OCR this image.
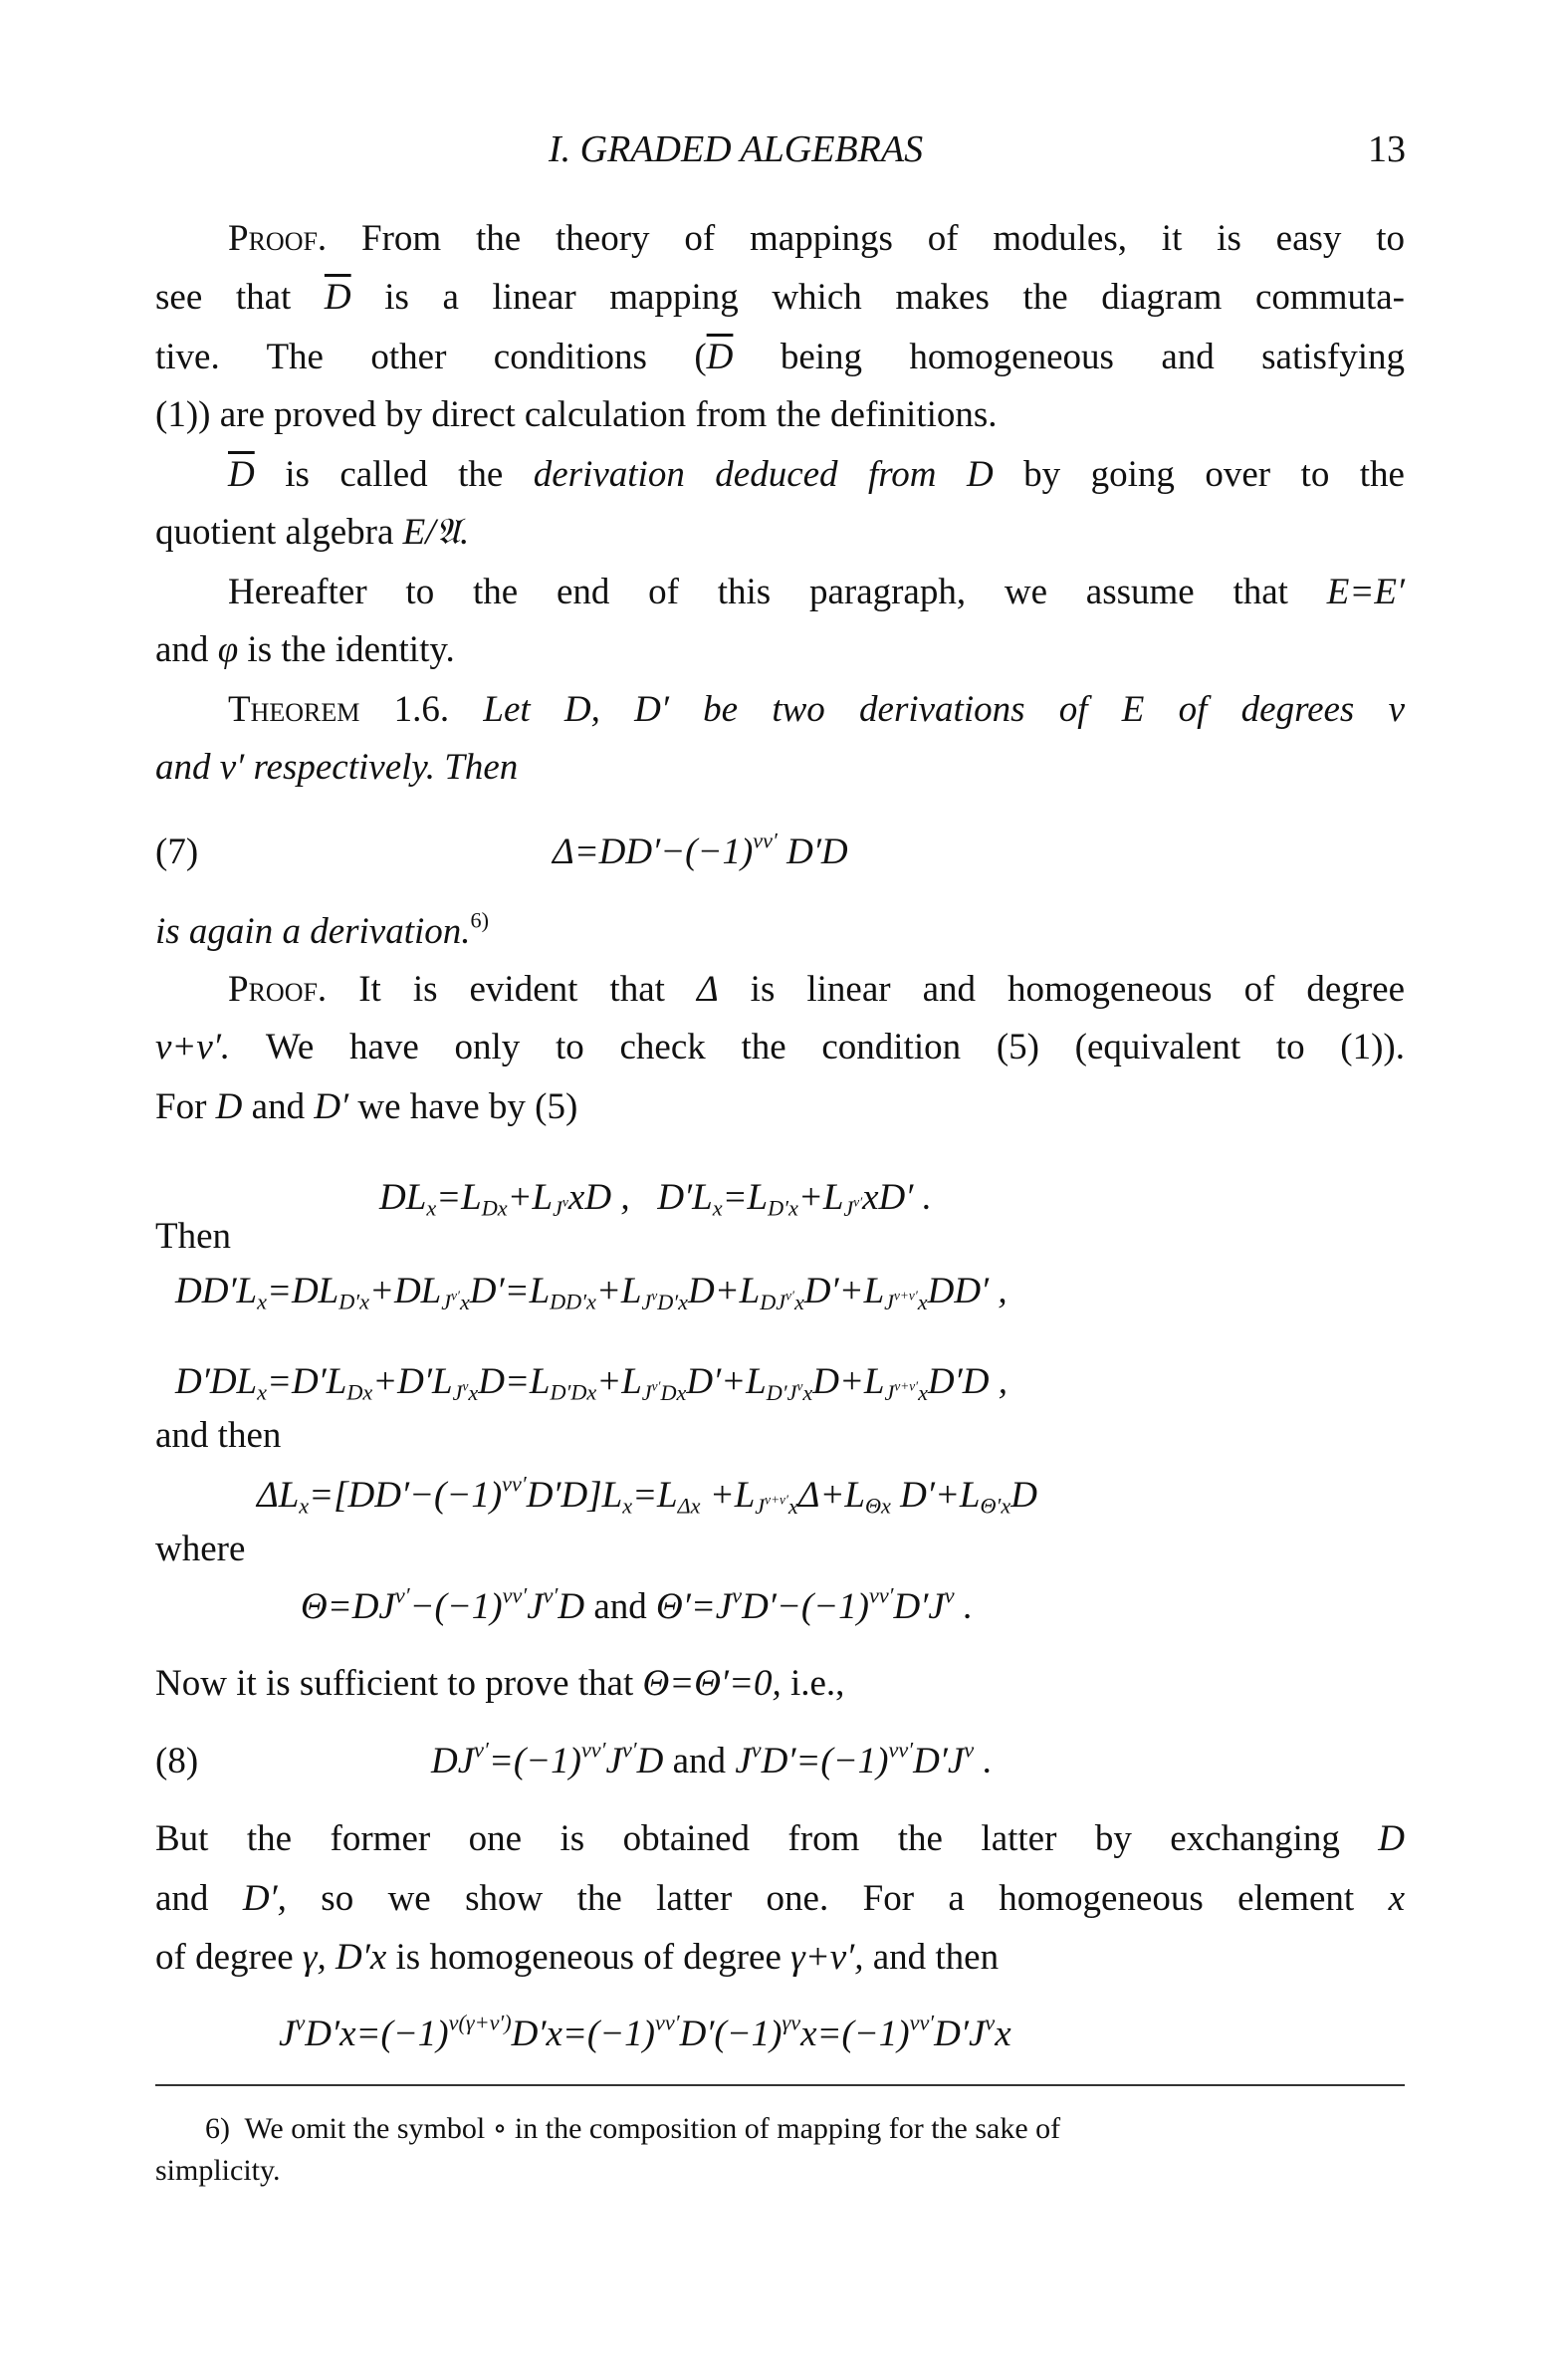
I. GRADED ALGEBRAS	13
Proof. From the theory of mappings of modules, it is easy to
see that $\overline{D}$ is a linear mapping which makes the diagram commuta-
tive. The other conditions ($\overline{D}$ being homogeneous and satisfying
(1)) are proved by direct calculation from the definitions.
$\overline{D}$ is called the derivation deduced from D by going over to the
quotient algebra E/𝔄.
Hereafter to the end of this paragraph, we assume that E=E′
and φ is the identity.
Theorem 1.6. Let D, D′ be two derivations of E of degrees ν
and ν′ respectively. Then
(7)	$\Delta=DD'-(-1)^{\nu\nu'}$ D′D
is again a derivation.$^{6)}$
Proof. It is evident that Δ is linear and homogeneous of degree
ν+ν′. We have only to check the condition (5) (equivalent to (1)).
For D and D′ we have by (5)
$DL_x=L_{Dx}+L_{J^\nu}xD$ , $D'L_x=L_{D'x}+L_{J^{\nu'}}xD'$ .
Then
$DD'L_x=DL_{D'x}+DL_{J^{\nu'}x}D'=L_{DD'x}+L_{J^\nu D'x}D+L_{DJ^{\nu'}x}D'+L_{J^{\nu+\nu'}x}DD'$ ,
$D'DL_x=D'L_{Dx}+D'L_{J^\nu x}D=L_{D'Dx}+L_{J^{\nu'}Dx}D'+L_{D'J^\nu x}D+L_{J^{\nu+\nu'}x}D'D$ ,
and then
$\Delta L_x=[DD'-(-1)^{\nu\nu'}D'D]L_x=L_{\Delta x} +L_{J^{\nu+\nu'}x}\Delta+L_{\Theta x}$ $D'+L_{\Theta'x}D$
where
$\Theta=DJ^{\nu'}-(-1)^{\nu\nu'}J^{\nu'}D$ and $\Theta'=J^\nu D'-(-1)^{\nu\nu'}D'J^\nu$ .
Now it is sufficient to prove that Θ=Θ′=0, i.e.,
(8)	$DJ^{\nu'}=(-1)^{\nu\nu'}J^{\nu'}D$ and $J^\nu D'=(-1)^{\nu\nu'}D'J^\nu$ .
But the former one is obtained from the latter by exchanging D
and D′, so we show the latter one. For a homogeneous element x
of degree γ, D′x is homogeneous of degree γ+ν′, and then
$J^\nu D'x=(-1)^{\nu(\gamma+\nu')}D'x=(-1)^{\nu\nu'}D'(-1)^{\gamma\nu}x=(-1)^{\nu\nu'}D'J^\nu x$
6) We omit the symbol ∘ in the composition of mapping for the sake of
simplicity.
